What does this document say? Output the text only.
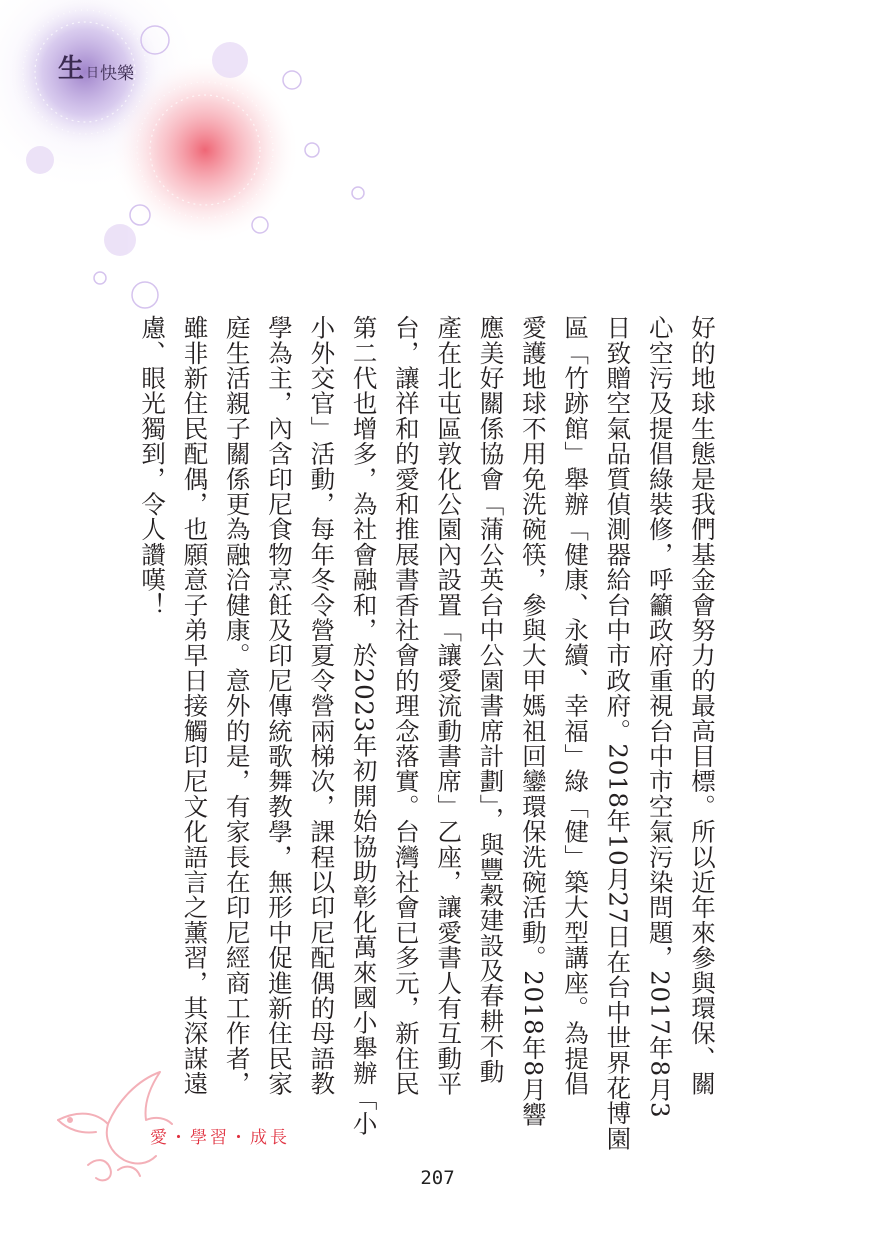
生 日 快 樂
好的地球生態是我們基金會努力的最高目標。所以近年來參與環保、關
心空污及提倡綠裝修，呼籲政府重視台中市空氣污染問題，2017年8月3
日致贈空氣品質偵測器給台中市政府。2018年10月27日在台中世界花博園
區「竹跡館」舉辦「健康、永續、幸福」綠「健」築大型講座。為提倡
愛護地球不用免洗碗筷，參與大甲媽祖回鑾環保洗碗活動。2018年8月響
應美好關係協會「蒲公英台中公園書席計劃」，與豐穀建設及春耕不動
產在北屯區敦化公園內設置「讓愛流動書席」乙座，讓愛書人有互動平
台，讓祥和的愛和推展書香社會的理念落實。台灣社會已多元，新住民
第二代也增多，為社會融和，於2023年初開始協助彰化萬來國小舉辦「小
小外交官」活動，每年冬令營夏令營兩梯次，課程以印尼配偶的母語教
學為主，內含印尼食物烹飪及印尼傳統歌舞教學，無形中促進新住民家
庭生活親子關係更為融洽健康。意外的是，有家長在印尼經商工作者，
雖非新住民配偶，也願意子弟早日接觸印尼文化語言之薰習，其深謀遠
慮、眼光獨到，令人讚嘆！
愛・學習・成長
207
